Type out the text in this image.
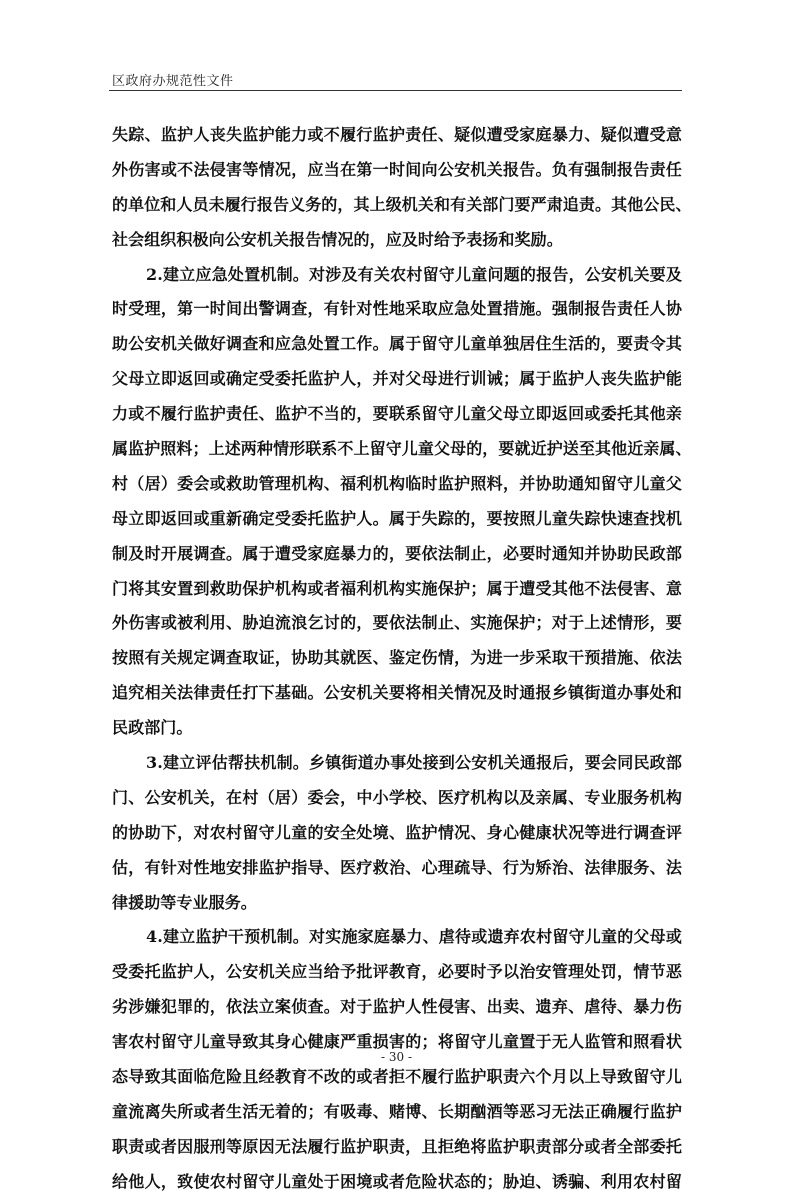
区政府办规范性文件
失踪、监护人丧失监护能力或不履行监护责任、疑似遭受家庭暴力、疑似遭受意
外伤害或不法侵害等情况，应当在第一时间向公安机关报告。负有强制报告责任
的单位和人员未履行报告义务的，其上级机关和有关部门要严肃追责。其他公民、
社会组织积极向公安机关报告情况的，应及时给予表扬和奖励。
2.建立应急处置机制。对涉及有关农村留守儿童问题的报告，公安机关要及
时受理，第一时间出警调查，有针对性地采取应急处置措施。强制报告责任人协
助公安机关做好调查和应急处置工作。属于留守儿童单独居住生活的，要责令其
父母立即返回或确定受委托监护人，并对父母进行训诫；属于监护人丧失监护能
力或不履行监护责任、监护不当的，要联系留守儿童父母立即返回或委托其他亲
属监护照料；上述两种情形联系不上留守儿童父母的，要就近护送至其他近亲属、
村（居）委会或救助管理机构、福利机构临时监护照料，并协助通知留守儿童父
母立即返回或重新确定受委托监护人。属于失踪的，要按照儿童失踪快速查找机
制及时开展调查。属于遭受家庭暴力的，要依法制止，必要时通知并协助民政部
门将其安置到救助保护机构或者福利机构实施保护；属于遭受其他不法侵害、意
外伤害或被利用、胁迫流浪乞讨的，要依法制止、实施保护；对于上述情形，要
按照有关规定调查取证，协助其就医、鉴定伤情，为进一步采取干预措施、依法
追究相关法律责任打下基础。公安机关要将相关情况及时通报乡镇街道办事处和
民政部门。
3.建立评估帮扶机制。乡镇街道办事处接到公安机关通报后，要会同民政部
门、公安机关，在村（居）委会，中小学校、医疗机构以及亲属、专业服务机构
的协助下，对农村留守儿童的安全处境、监护情况、身心健康状况等进行调查评
估，有针对性地安排监护指导、医疗救治、心理疏导、行为矫治、法律服务、法
律援助等专业服务。
4.建立监护干预机制。对实施家庭暴力、虐待或遗弃农村留守儿童的父母或
受委托监护人，公安机关应当给予批评教育，必要时予以治安管理处罚，情节恶
劣涉嫌犯罪的，依法立案侦查。对于监护人性侵害、出卖、遗弃、虐待、暴力伤
害农村留守儿童导致其身心健康严重损害的；将留守儿童置于无人监管和照看状
态导致其面临危险且经教育不改的或者拒不履行监护职责六个月以上导致留守儿
童流离失所或者生活无着的；有吸毒、赌博、长期酗酒等恶习无法正确履行监护
职责或者因服刑等原因无法履行监护职责，且拒绝将监护职责部分或者全部委托
给他人，致使农村留守儿童处于困境或者危险状态的；胁迫、诱骗、利用农村留
- 30 -
